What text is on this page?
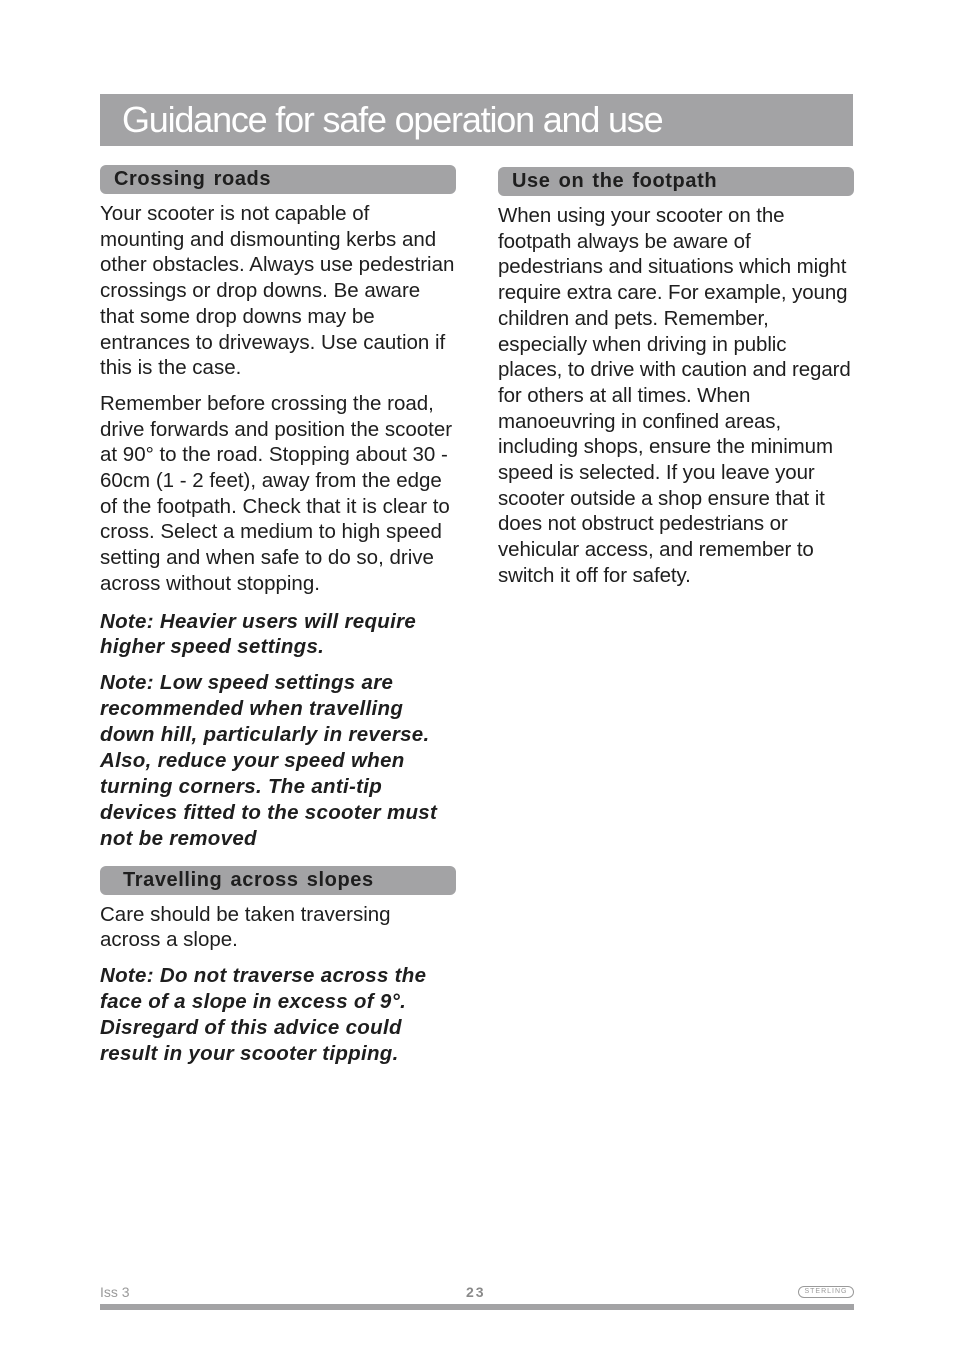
Guidance for safe operation and use
Crossing roads

Your scooter is not capable of mounting and dismounting kerbs and other obstacles. Always use pedestrian crossings or drop downs. Be aware that some drop downs may be entrances to driveways. Use caution if this is the case.

Remember before crossing the road, drive forwards and position the scooter at 90° to the road. Stopping about 30 - 60cm (1 - 2 feet), away from the edge of the footpath. Check that it is clear to cross. Select a medium to high speed setting and when safe to do so, drive across without stopping.

Note: Heavier users will require higher speed settings.

Note: Low speed settings are recommended when travelling down hill, particularly in reverse. Also, reduce your speed when turning corners. The anti-tip devices fitted to the scooter must not be removed

Travelling across slopes

Care should be taken traversing across a slope.

Note: Do not traverse across the face of a slope in excess of 9°. Disregard of this advice could result in your scooter tipping.

Use on the footpath

When using your scooter on the footpath always be aware of pedestrians and situations which might require extra care. For example, young children and pets. Remember, especially when driving in public places, to drive with caution and regard for others at all times. When manoeuvring in confined areas, including shops, ensure the minimum speed is selected. If you leave your scooter outside a shop ensure that it does not obstruct pedestrians or vehicular access, and remember to switch it off for safety.

Iss 3	23	STERLING
